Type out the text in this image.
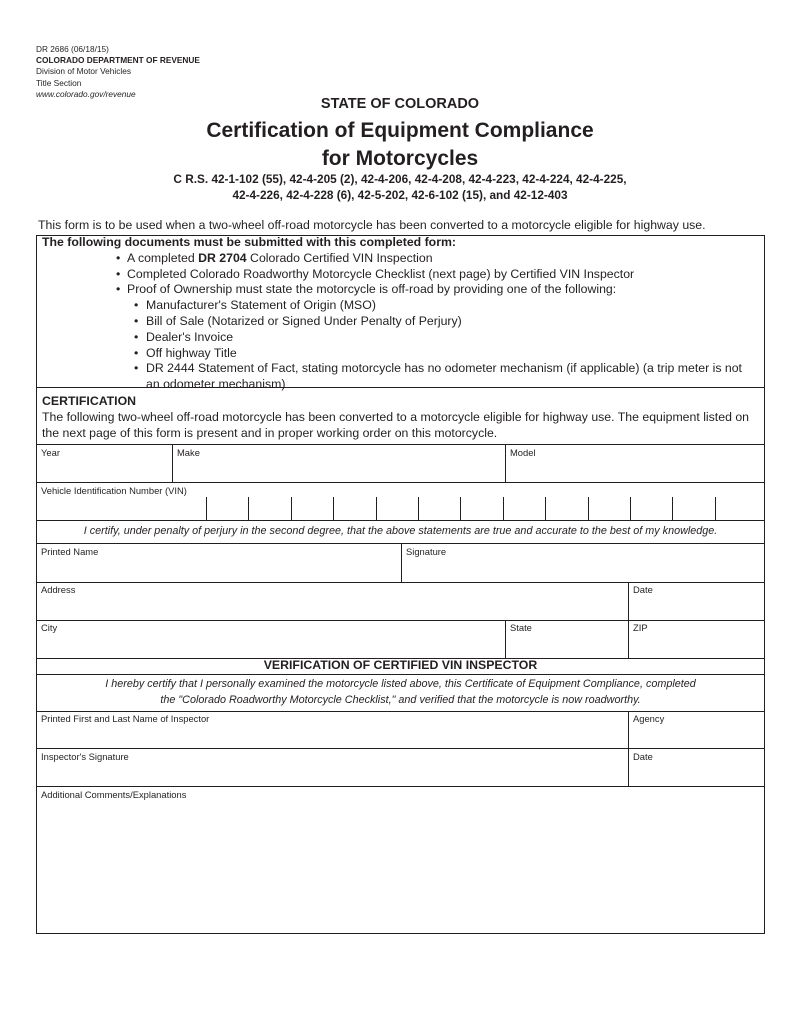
DR 2686 (06/18/15)
COLORADO DEPARTMENT OF REVENUE
Division of Motor Vehicles
Title Section
www.colorado.gov/revenue
STATE OF COLORADO
Certification of Equipment Compliance
for Motorcycles
C R.S. 42-1-102 (55), 42-4-205 (2), 42-4-206, 42-4-208, 42-4-223, 42-4-224, 42-4-225,
42-4-226, 42-4-228 (6), 42-5-202, 42-6-102 (15), and 42-12-403
This form is to be used when a two-wheel off-road motorcycle has been converted to a motorcycle eligible for highway use.
The following documents must be submitted with this completed form:
• A completed DR 2704 Colorado Certified VIN Inspection
• Completed Colorado Roadworthy Motorcycle Checklist (next page) by Certified VIN Inspector
• Proof of Ownership must state the motorcycle is off-road by providing one of the following:
• Manufacturer's Statement of Origin (MSO)
• Bill of Sale (Notarized or Signed Under Penalty of Perjury)
• Dealer's Invoice
• Off highway Title
• DR 2444 Statement of Fact, stating motorcycle has no odometer mechanism (if applicable) (a trip meter is not an odometer mechanism)
CERTIFICATION
The following two-wheel off-road motorcycle has been converted to a motorcycle eligible for highway use. The equipment listed on the next page of this form is present and in proper working order on this motorcycle.
Year	Make	Model
Vehicle Identification Number (VIN)
I certify, under penalty of perjury in the second degree, that the above statements are true and accurate to the best of my knowledge.
Printed Name	Signature
Address	Date
City	State	ZIP
VERIFICATION OF CERTIFIED VIN INSPECTOR
I hereby certify that I personally examined the motorcycle listed above, this Certificate of Equipment Compliance, completed
the "Colorado Roadworthy Motorcycle Checklist," and verified that the motorcycle is now roadworthy.
Printed First and Last Name of Inspector	Agency
Inspector's Signature	Date
Additional Comments/Explanations
